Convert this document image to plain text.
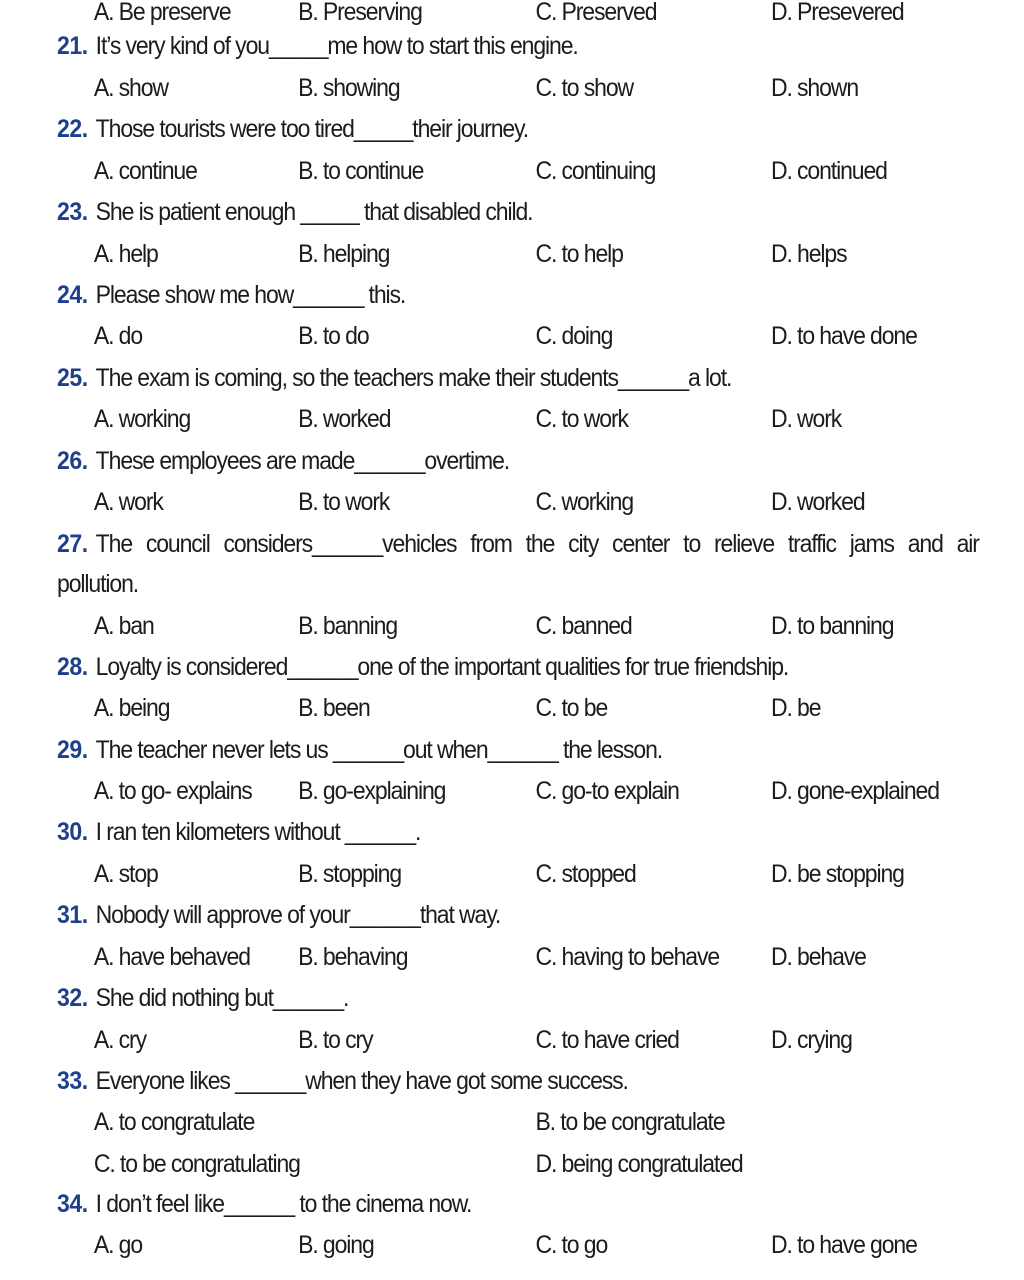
A. Be preserve	B. Preserving	C. Preserved	D. Presevered
21. It’s very kind of you_____me how to start this engine.
A. show	B. showing	C. to show	D. shown
22. Those tourists were too tired_____their journey.
A. continue	B. to continue	C. continuing	D. continued
23. She is patient enough _____ that disabled child.
A. help	B. helping	C. to help	D. helps
24. Please show me how______ this.
A. do	B. to do	C. doing	D. to have done
25. The exam is coming, so the teachers make their students______a lot.
A. working	B. worked	C. to work	D. work
26. These employees are made______overtime.
A. work	B. to work	C. working	D. worked
27. The council considers______vehicles from the city center to relieve traffic jams and air
pollution.
A. ban	B. banning	C. banned	D. to banning
28. Loyalty is considered______one of the important qualities for true friendship.
A. being	B. been	C. to be	D. be
29. The teacher never lets us ______out when______ the lesson.
A. to go- explains B. go-explaining	C. go-to explain	D. gone-explained
30. I ran ten kilometers without ______.
A. stop	B. stopping	C. stopped	D. be stopping
31. Nobody will approve of your______that way.
A. have behaved B. behaving	C. having to behave D. behave
32. She did nothing but______.
A. cry	B. to cry	C. to have cried	D. crying
33. Everyone likes ______when they have got some success.
A. to congratulate	B. to be congratulate
C. to be congratulating	D. being congratulated
34. I don’t feel like______ to the cinema now.
A. go	B. going	C. to go	D. to have gone
